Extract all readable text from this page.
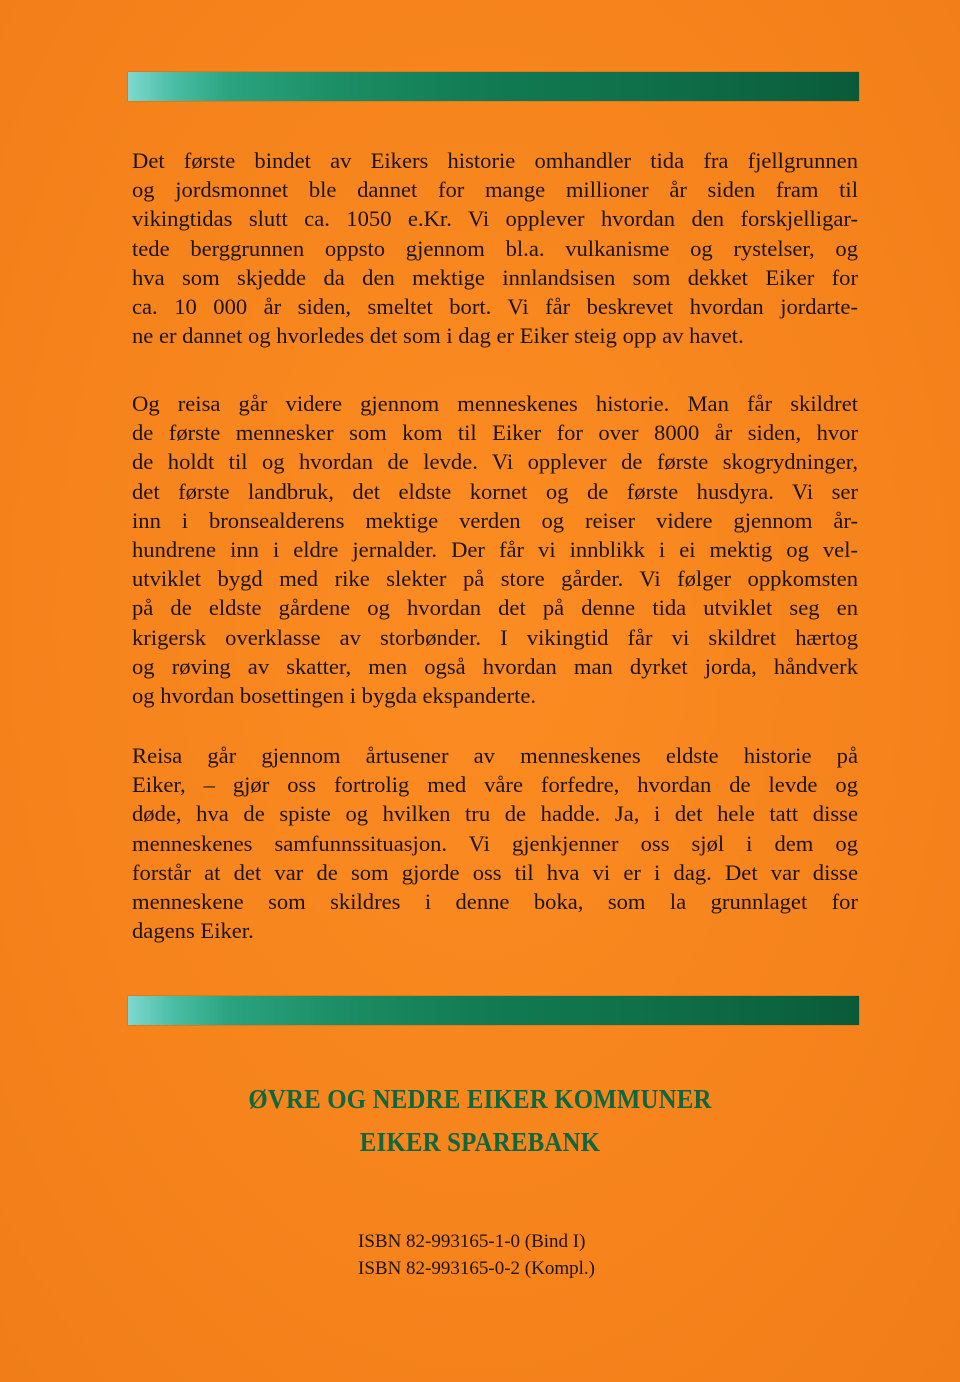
Det første bindet av Eikers historie omhandler tida fra fjellgrunnen
og jordsmonnet ble dannet for mange millioner år siden fram til
vikingtidas slutt ca. 1050 e.Kr. Vi opplever hvordan den forskjelligar-
tede berggrunnen oppsto gjennom bl.a. vulkanisme og rystelser, og
hva som skjedde da den mektige innlandsisen som dekket Eiker for
ca. 10 000 år siden, smeltet bort. Vi får beskrevet hvordan jordarte-
ne er dannet og hvorledes det som i dag er Eiker steig opp av havet.
Og reisa går videre gjennom menneskenes historie. Man får skildret
de første mennesker som kom til Eiker for over 8000 år siden, hvor
de holdt til og hvordan de levde. Vi opplever de første skogrydninger,
det første landbruk, det eldste kornet og de første husdyra. Vi ser
inn i bronsealderens mektige verden og reiser videre gjennom år-
hundrene inn i eldre jernalder. Der får vi innblikk i ei mektig og vel-
utviklet bygd med rike slekter på store gårder. Vi følger oppkomsten
på de eldste gårdene og hvordan det på denne tida utviklet seg en
krigersk overklasse av storbønder. I vikingtid får vi skildret hærtog
og røving av skatter, men også hvordan man dyrket jorda, håndverk
og hvordan bosettingen i bygda ekspanderte.
Reisa går gjennom årtusener av menneskenes eldste historie på
Eiker, – gjør oss fortrolig med våre forfedre, hvordan de levde og
døde, hva de spiste og hvilken tru de hadde. Ja, i det hele tatt disse
menneskenes samfunnssituasjon. Vi gjenkjenner oss sjøl i dem og
forstår at det var de som gjorde oss til hva vi er i dag. Det var disse
menneskene som skildres i denne boka, som la grunnlaget for
dagens Eiker.
ØVRE OG NEDRE EIKER KOMMUNER
EIKER SPAREBANK
ISBN 82-993165-1-0 (Bind I)
ISBN 82-993165-0-2 (Kompl.)
